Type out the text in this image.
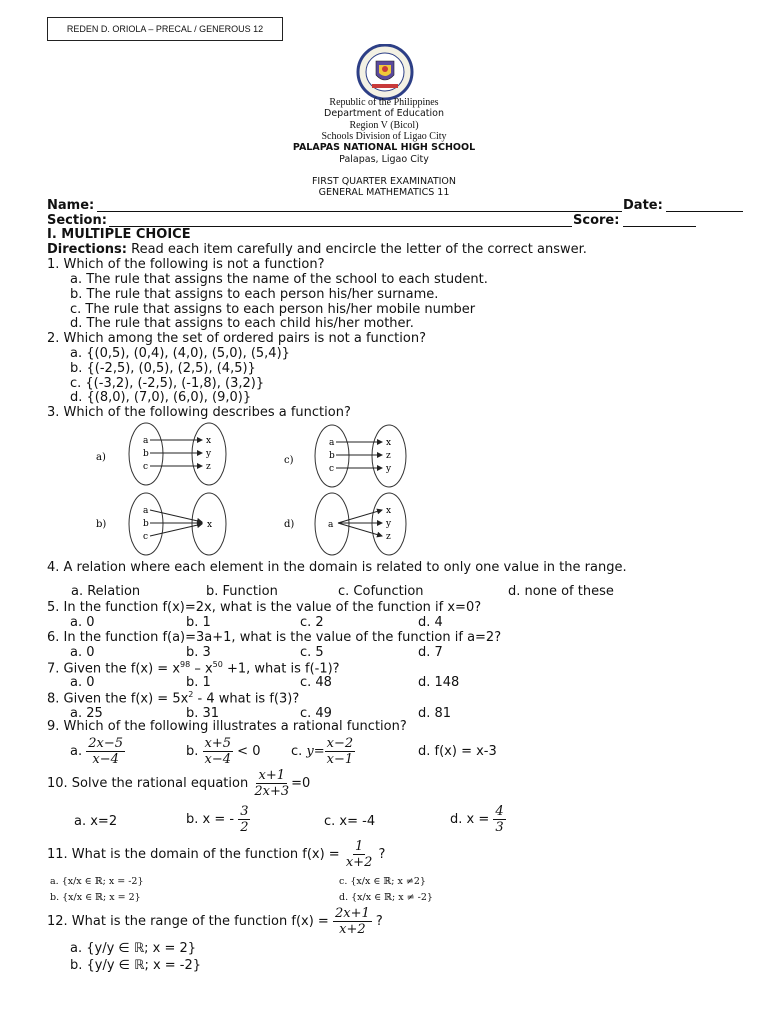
REDEN D. ORIOLA – PRECAL / GENEROUS 12
Republic of the Philippines
Department of Education
Region V (Bicol)
Schools Division of Ligao City
PALAPAS NATIONAL HIGH SCHOOL
Palapas, Ligao City
FIRST QUARTER EXAMINATION
GENERAL MATHEMATICS 11
Name:	Date:
Section:	Score:
I. MULTIPLE CHOICE
Directions: Read each item carefully and encircle the letter of the correct answer.
1. Which of the following is not a function?
a. The rule that assigns the name of the school to each student.
b. The rule that assigns to each person his/her surname.
c. The rule that assigns to each person his/her mobile number
d. The rule that assigns to each child his/her mother.
2. Which among the set of ordered pairs is not a function?
a. {(0,5), (0,4), (4,0), (5,0), (5,4)}
b. {(-2,5), (0,5), (2,5), (4,5)}
c. {(-3,2), (-2,5), (-1,8), (3,2)}
d. {(8,0), (7,0), (6,0), (9,0)}
3. Which of the following describes a function?
a)
a
b
c
x
y
z
c)
a
b
c
x
z
y
b)
a
b
c
x	d)	a
x
y
z
4. A relation where each element in the domain is related to only one value in the range.
a. Relation	b. Function	c. Cofunction	d. none of these
5. In the function f(x)=2x, what is the value of the function if x=0?
a. 0	b. 1	c. 2	d. 4
6. In the function f(a)=3a+1, what is the value of the function if a=2?
a. 0	b. 3	c. 5	d. 7
7. Given the $f(x) = x^{98} - x^{50} +1$, what is f(-1)?
a. 0	b. 1	c. 48	d. 148
8. Given the $f(x) = 5x^2 - 4$ what is f(3)?
a. 25	b. 31	c. 49	d. 81
9. Which of the following illustrates a rational function?
a. $\frac{2x-5}{x-4}$	b. $\frac{x+5}{x-4} < 0$ c. $y= \frac{x-2}{x-1}$	d. f(x) = x-3
10. Solve the rational equation $\frac{x+1}{2x+3} =0$
a. x=2	b. x = - $\frac{3}{2}$	c. x= -4	d. $x = \frac{4}{3}$
11. What is the domain of the function $f(x) = \frac{1}{x+2}$ ?
a. {x/x ∈ ℝ; x = -2}
b. {x/x ∈ ℝ; x = 2}
c. {x/x ∈ ℝ; x ≠2}
d. {x/x ∈ ℝ; x ≠ -2}
12. What is the range of the function $f(x) = \frac{2x+1}{x+2}$ ?
a. {y/y ∈ ℝ; x = 2}
b. {y/y ∈ ℝ; x = -2}
